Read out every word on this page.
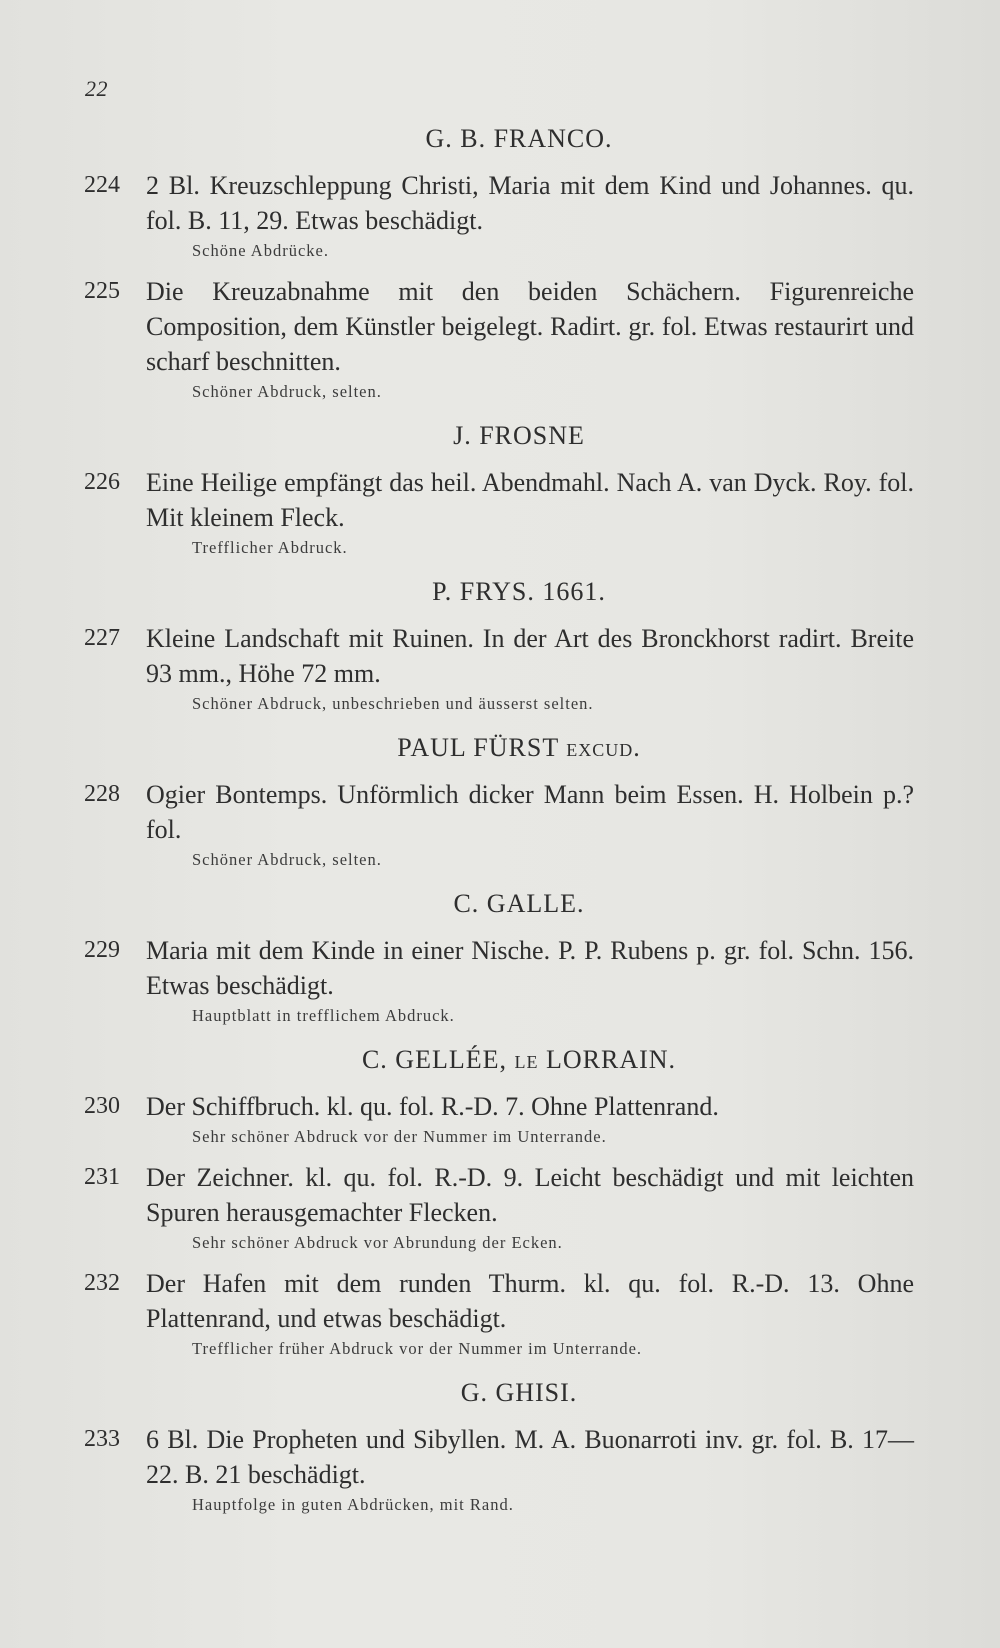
22
G. B. FRANCO.
224 2 Bl. Kreuzschleppung Christi, Maria mit dem Kind und Johannes. qu. fol. B. 11, 29. Etwas beschädigt.
Schöne Abdrücke.
225 Die Kreuzabnahme mit den beiden Schächern. Figurenreiche Composition, dem Künstler beigelegt. Radirt. gr. fol. Etwas restaurirt und scharf beschnitten.
Schöner Abdruck, selten.
J. FROSNE
226 Eine Heilige empfängt das heil. Abendmahl. Nach A. van Dyck. Roy. fol. Mit kleinem Fleck.
Trefflicher Abdruck.
P. FRYS. 1661.
227 Kleine Landschaft mit Ruinen. In der Art des Bronckhorst radirt. Breite 93 mm., Höhe 72 mm.
Schöner Abdruck, unbeschrieben und äusserst selten.
PAUL FÜRST excud.
228 Ogier Bontemps. Unförmlich dicker Mann beim Essen. H. Holbein p.? fol.
Schöner Abdruck, selten.
C. GALLE.
229 Maria mit dem Kinde in einer Nische. P. P. Rubens p. gr. fol. Schn. 156. Etwas beschädigt.
Hauptblatt in trefflichem Abdruck.
C. GELLÉE, le LORRAIN.
230 Der Schiffbruch. kl. qu. fol. R.-D. 7. Ohne Plattenrand.
Sehr schöner Abdruck vor der Nummer im Unterrande.
231 Der Zeichner. kl. qu. fol. R.-D. 9. Leicht beschädigt und mit leichten Spuren herausgemachter Flecken.
Sehr schöner Abdruck vor Abrundung der Ecken.
232 Der Hafen mit dem runden Thurm. kl. qu. fol. R.-D. 13. Ohne Plattenrand, und etwas beschädigt.
Trefflicher früher Abdruck vor der Nummer im Unterrande.
G. GHISI.
233 6 Bl. Die Propheten und Sibyllen. M. A. Buonarroti inv. gr. fol. B. 17—22. B. 21 beschädigt.
Hauptfolge in guten Abdrücken, mit Rand.
